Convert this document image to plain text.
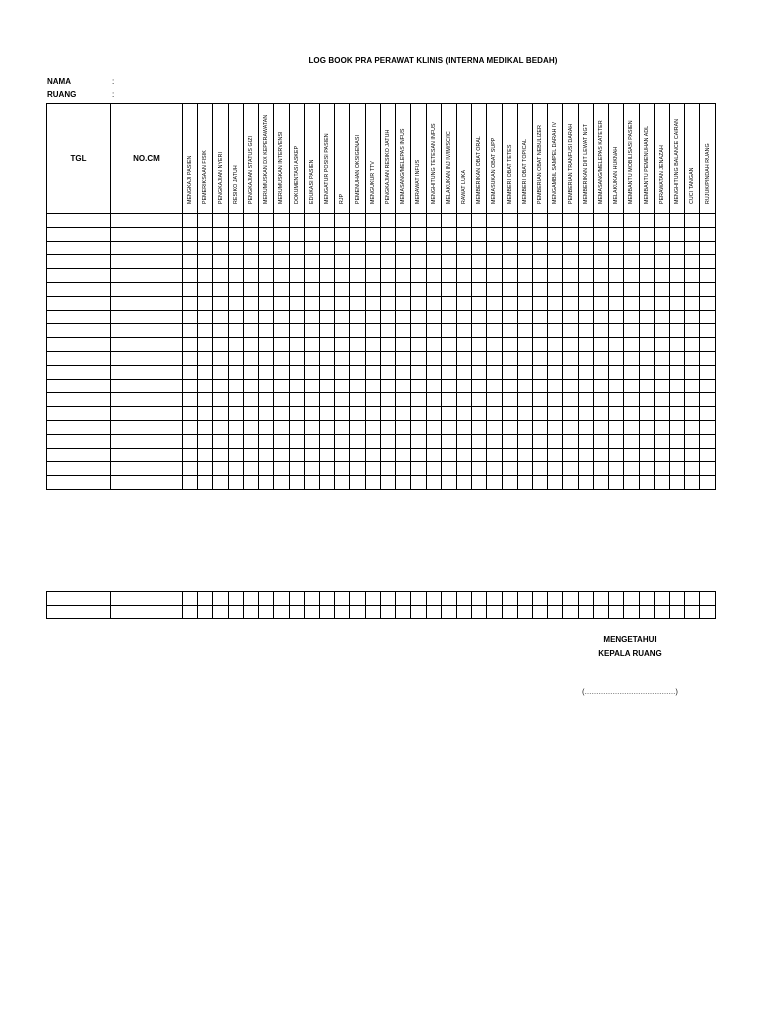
LOG BOOK PRA PERAWAT KLINIS (INTERNA MEDIKAL BEDAH)
NAMA	:
RUANG	:
TGL	NO.CM	MENGKAJI PASIEN	PEMERIKSAAN FISIK	PENGKAJIAN NYERI	RESIKO JATUH	PENGKAJIAN STATUS GIZI	MERUMUSKAN DX KEPERAWATAN	MERUMUSKAN INTERVENSI	DOKUMENTASI ASKEP	EDUKASI PASIEN	MENGATUR POSISI PASIEN	RJP	PEMENUHAN OKSIGENASI	MENGUKUR TTV	PENGKAJIAN RESIKO JATUH	MEMASANG/MELEPAS INFUS	MERAWAT INFUS	MENGHITUNG TETESAN INFUS	MELAKUKAN INJ IV/IM/SC/IC	RAWAT LUKA	MEMBERIKAN OBAT ORAL	MEMASUKAN OBAT SUPP	MEMBERI OBAT TETES	MEMBERI OBAT TOPICAL	PEMBERIAN OBAT NEBULIZER	MENGAMBIL SAMPEL DARAH IV	PEMBERIAN TRANFUSI DARAH	MEMBERIKAN DIIT LEWAT NGT	MEMASANG/MELEPAS KATETER	MELAKUKAN HUKNAH	MEMBANTU MOBILISASI PASIEN	MEMBANTU PEMENUHAN ADL	PERAWATAN JENAZAH	MENGHITUNG BALANCE CAIRAN	CUCI TANGAN	RUJUK/PINDAH RUANG

MENGETAHUI
KEPALA RUANG
(…………………………………)
